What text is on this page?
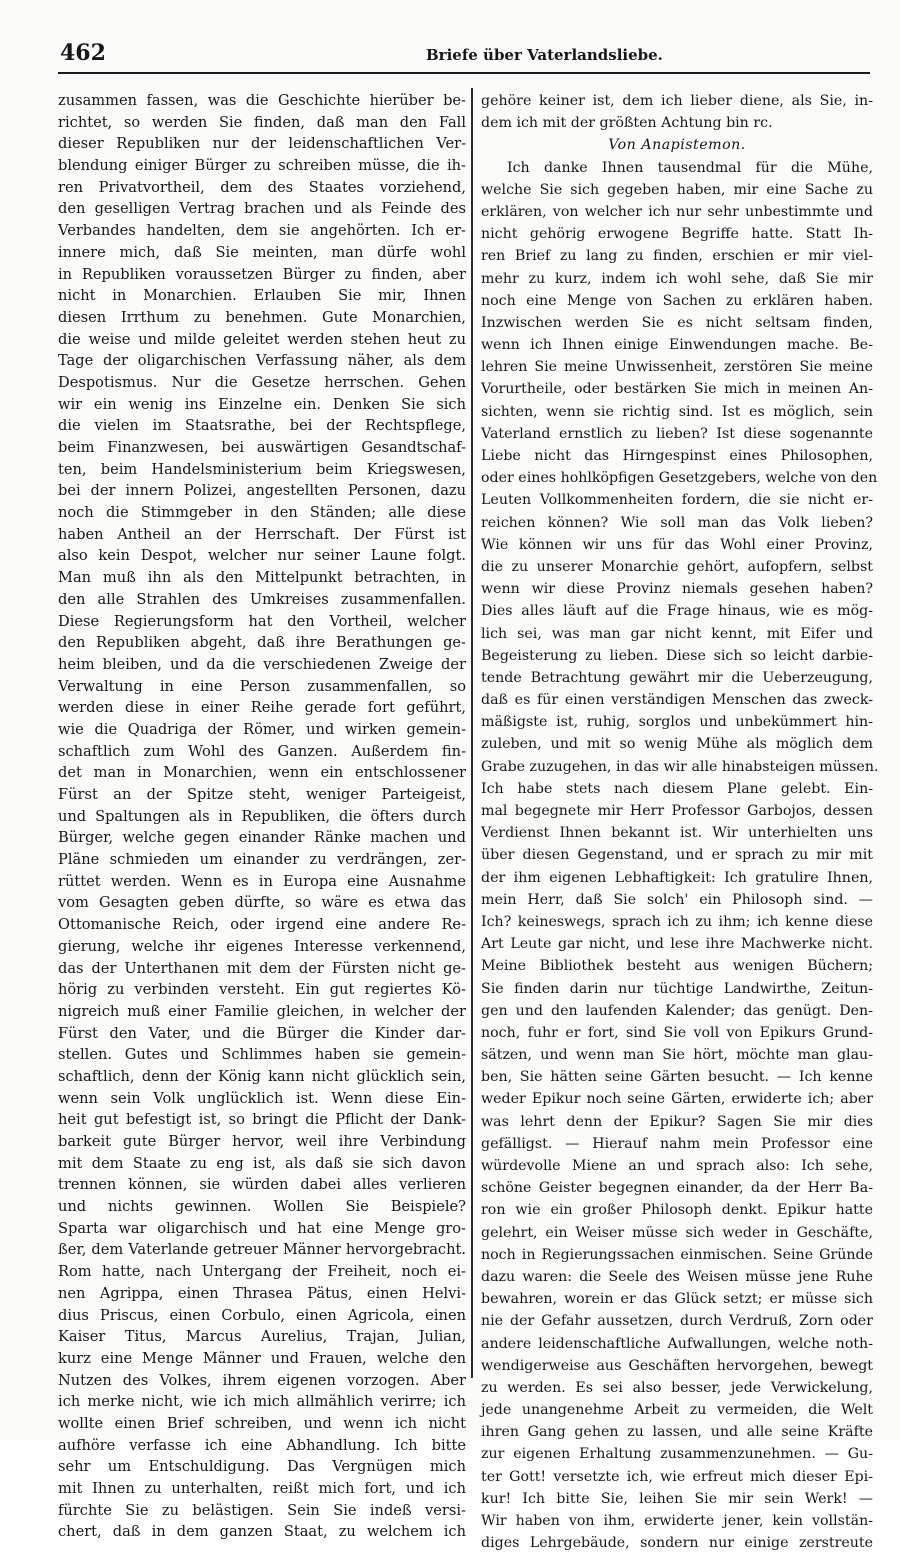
462	Briefe über Vaterlandsliebe.
zusammen fassen, was die Geschichte hierüber be-
richtet, so werden Sie finden, daß man den Fall
dieser Republiken nur der leidenschaftlichen Ver-
blendung einiger Bürger zu schreiben müsse, die ih-
ren Privatvortheil, dem des Staates vorziehend,
den geselligen Vertrag brachen und als Feinde des
Verbandes handelten, dem sie angehörten. Ich er-
innere mich, daß Sie meinten, man dürfe wohl
in Republiken voraussetzen Bürger zu finden, aber
nicht in Monarchien. Erlauben Sie mir, Ihnen
diesen Irrthum zu benehmen. Gute Monarchien,
die weise und milde geleitet werden stehen heut zu
Tage der oligarchischen Verfassung näher, als dem
Despotismus. Nur die Gesetze herrschen. Gehen
wir ein wenig ins Einzelne ein. Denken Sie sich
die vielen im Staatsrathe, bei der Rechtspflege,
beim Finanzwesen, bei auswärtigen Gesandtschaf-
ten, beim Handelsministerium beim Kriegswesen,
bei der innern Polizei, angestellten Personen, dazu
noch die Stimmgeber in den Ständen; alle diese
haben Antheil an der Herrschaft. Der Fürst ist
also kein Despot, welcher nur seiner Laune folgt.
Man muß ihn als den Mittelpunkt betrachten, in
den alle Strahlen des Umkreises zusammenfallen.
Diese Regierungsform hat den Vortheil, welcher
den Republiken abgeht, daß ihre Berathungen ge-
heim bleiben, und da die verschiedenen Zweige der
Verwaltung in eine Person zusammenfallen, so
werden diese in einer Reihe gerade fort geführt,
wie die Quadriga der Römer, und wirken gemein-
schaftlich zum Wohl des Ganzen. Außerdem fin-
det man in Monarchien, wenn ein entschlossener
Fürst an der Spitze steht, weniger Parteigeist,
und Spaltungen als in Republiken, die öfters durch
Bürger, welche gegen einander Ränke machen und
Pläne schmieden um einander zu verdrängen, zer-
rüttet werden. Wenn es in Europa eine Ausnahme
vom Gesagten geben dürfte, so wäre es etwa das
Ottomanische Reich, oder irgend eine andere Re-
gierung, welche ihr eigenes Interesse verkennend,
das der Unterthanen mit dem der Fürsten nicht ge-
hörig zu verbinden versteht. Ein gut regiertes Kö-
nigreich muß einer Familie gleichen, in welcher der
Fürst den Vater, und die Bürger die Kinder dar-
stellen. Gutes und Schlimmes haben sie gemein-
schaftlich, denn der König kann nicht glücklich sein,
wenn sein Volk unglücklich ist. Wenn diese Ein-
heit gut befestigt ist, so bringt die Pflicht der Dank-
barkeit gute Bürger hervor, weil ihre Verbindung
mit dem Staate zu eng ist, als daß sie sich davon
trennen können, sie würden dabei alles verlieren
und nichts gewinnen. Wollen Sie Beispiele?
Sparta war oligarchisch und hat eine Menge gro-
ßer, dem Vaterlande getreuer Männer hervorgebracht.
Rom hatte, nach Untergang der Freiheit, noch ei-
nen Agrippa, einen Thrasea Pätus, einen Helvi-
dius Priscus, einen Corbulo, einen Agricola, einen
Kaiser Titus, Marcus Aurelius, Trajan, Julian,
kurz eine Menge Männer und Frauen, welche den
Nutzen des Volkes, ihrem eigenen vorzogen. Aber
ich merke nicht, wie ich mich allmählich verirre; ich
wollte einen Brief schreiben, und wenn ich nicht
aufhöre verfasse ich eine Abhandlung. Ich bitte
sehr um Entschuldigung. Das Vergnügen mich
mit Ihnen zu unterhalten, reißt mich fort, und ich
fürchte Sie zu belästigen. Sein Sie indeß versi-
chert, daß in dem ganzen Staat, zu welchem ich
gehöre keiner ist, dem ich lieber diene, als Sie, in-
dem ich mit der größten Achtung bin rc.
Von Anapistemon.
Ich danke Ihnen tausendmal für die Mühe,
welche Sie sich gegeben haben, mir eine Sache zu
erklären, von welcher ich nur sehr unbestimmte und
nicht gehörig erwogene Begriffe hatte. Statt Ih-
ren Brief zu lang zu finden, erschien er mir viel-
mehr zu kurz, indem ich wohl sehe, daß Sie mir
noch eine Menge von Sachen zu erklären haben.
Inzwischen werden Sie es nicht seltsam finden,
wenn ich Ihnen einige Einwendungen mache. Be-
lehren Sie meine Unwissenheit, zerstören Sie meine
Vorurtheile, oder bestärken Sie mich in meinen An-
sichten, wenn sie richtig sind. Ist es möglich, sein
Vaterland ernstlich zu lieben? Ist diese sogenannte
Liebe nicht das Hirngespinst eines Philosophen,
oder eines hohlköpfigen Gesetzgebers, welche von den
Leuten Vollkommenheiten fordern, die sie nicht er-
reichen können? Wie soll man das Volk lieben?
Wie können wir uns für das Wohl einer Provinz,
die zu unserer Monarchie gehört, aufopfern, selbst
wenn wir diese Provinz niemals gesehen haben?
Dies alles läuft auf die Frage hinaus, wie es mög-
lich sei, was man gar nicht kennt, mit Eifer und
Begeisterung zu lieben. Diese sich so leicht darbie-
tende Betrachtung gewährt mir die Ueberzeugung,
daß es für einen verständigen Menschen das zweck-
mäßigste ist, ruhig, sorglos und unbekümmert hin-
zuleben, und mit so wenig Mühe als möglich dem
Grabe zuzugehen, in das wir alle hinabsteigen müssen.
Ich habe stets nach diesem Plane gelebt. Ein-
mal begegnete mir Herr Professor Garbojos, dessen
Verdienst Ihnen bekannt ist. Wir unterhielten uns
über diesen Gegenstand, und er sprach zu mir mit
der ihm eigenen Lebhaftigkeit: Ich gratulire Ihnen,
mein Herr, daß Sie solch' ein Philosoph sind. —
Ich? keineswegs, sprach ich zu ihm; ich kenne diese
Art Leute gar nicht, und lese ihre Machwerke nicht.
Meine Bibliothek besteht aus wenigen Büchern;
Sie finden darin nur tüchtige Landwirthe, Zeitun-
gen und den laufenden Kalender; das genügt. Den-
noch, fuhr er fort, sind Sie voll von Epikurs Grund-
sätzen, und wenn man Sie hört, möchte man glau-
ben, Sie hätten seine Gärten besucht. — Ich kenne
weder Epikur noch seine Gärten, erwiderte ich; aber
was lehrt denn der Epikur? Sagen Sie mir dies
gefälligst. — Hierauf nahm mein Professor eine
würdevolle Miene an und sprach also: Ich sehe,
schöne Geister begegnen einander, da der Herr Ba-
ron wie ein großer Philosoph denkt. Epikur hatte
gelehrt, ein Weiser müsse sich weder in Geschäfte,
noch in Regierungssachen einmischen. Seine Gründe
dazu waren: die Seele des Weisen müsse jene Ruhe
bewahren, worein er das Glück setzt; er müsse sich
nie der Gefahr aussetzen, durch Verdruß, Zorn oder
andere leidenschaftliche Aufwallungen, welche noth-
wendigerweise aus Geschäften hervorgehen, bewegt
zu werden. Es sei also besser, jede Verwickelung,
jede unangenehme Arbeit zu vermeiden, die Welt
ihren Gang gehen zu lassen, und alle seine Kräfte
zur eigenen Erhaltung zusammenzunehmen. — Gu-
ter Gott! versetzte ich, wie erfreut mich dieser Epi-
kur! Ich bitte Sie, leihen Sie mir sein Werk! —
Wir haben von ihm, erwiderte jener, kein vollstän-
diges Lehrgebäude, sondern nur einige zerstreute
